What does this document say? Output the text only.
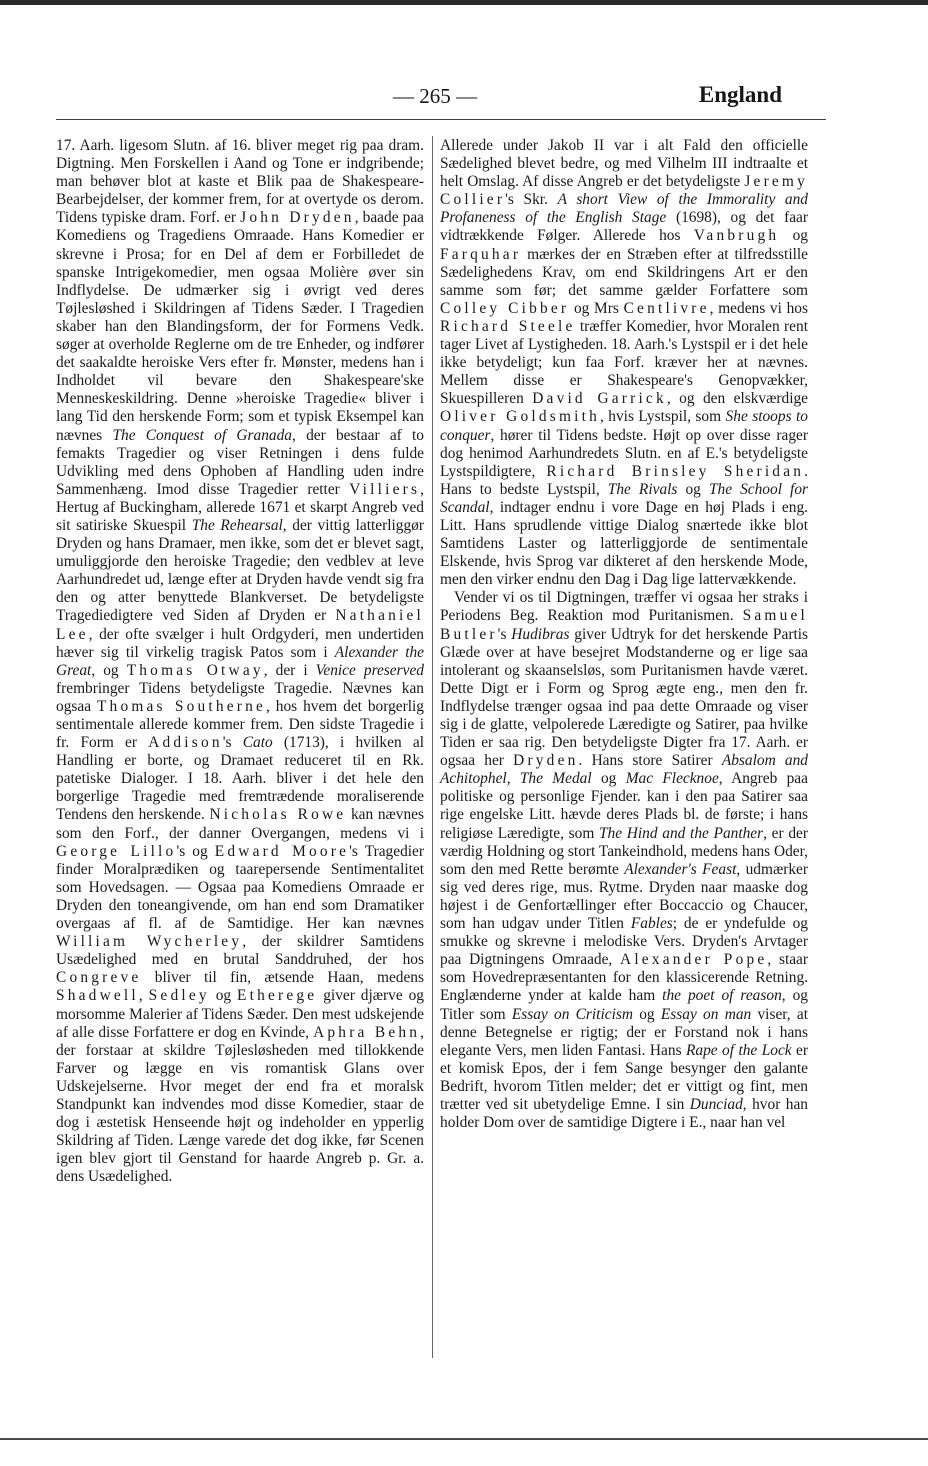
— 265 —	England

17. Aarh. ligesom Slutn. af 16. bliver meget rig paa dram. Digtning. Men Forskellen i Aand og Tone er indgribende; man behøver blot at kaste et Blik paa de Shakespeare-Bearbejdelser, der kommer frem, for at overtyde os derom. Tidens typiske dram. Forf. er John Dryden, baade paa Komediens og Tragediens Omraade. Hans Komedier er skrevne i Prosa; for en Del af dem er Forbilledet de spanske Intrigekomedier, men ogsaa Molière øver sin Indflydelse. De udmærker sig i øvrigt ved deres Tøjlesløshed i Skildringen af Tidens Sæder. I Tragedien skaber han den Blandingsform, der for Formens Vedk. søger at overholde Reglerne om de tre Enheder, og indfører det saakaldte heroiske Vers efter fr. Mønster, medens han i Indholdet vil bevare den Shakespeare'ske Menneskeskildring. Denne »heroiske Tragedie« bliver i lang Tid den herskende Form; som et typisk Eksempel kan nævnes The Conquest of Granada, der bestaar af to femakts Tragedier og viser Retningen i dens fulde Udvikling med dens Ophoben af Handling uden indre Sammenhæng. Imod disse Tragedier retter Villiers, Hertug af Buckingham, allerede 1671 et skarpt Angreb ved sit satiriske Skuespil The Rehearsal, der vittig latterliggør Dryden og hans Dramaer, men ikke, som det er blevet sagt, umuliggjorde den heroiske Tragedie; den vedblev at leve Aarhundredet ud, længe efter at Dryden havde vendt sig fra den og atter benyttede Blankverset. De betydeligste Tragediedigtere ved Siden af Dryden er Nathaniel Lee, der ofte svælger i hult Ordgyderi, men undertiden hæver sig til virkelig tragisk Patos som i Alexander the Great, og Thomas Otway, der i Venice preserved frembringer Tidens betydeligste Tragedie. Nævnes kan ogsaa Thomas Southerne, hos hvem det borgerlig sentimentale allerede kommer frem. Den sidste Tragedie i fr. Form er Addison's Cato (1713), i hvilken al Handling er borte, og Dramaet reduceret til en Rk. patetiske Dialoger. I 18. Aarh. bliver i det hele den borgerlige Tragedie med fremtrædende moraliserende Tendens den herskende. Nicholas Rowe kan nævnes som den Forf., der danner Overgangen, medens vi i George Lillo's og Edward Moore's Tragedier finder Moralprædiken og taarepersende Sentimentalitet som Hovedsagen. — Ogsaa paa Komediens Omraade er Dryden den toneangivende, om han end som Dramatiker overgaas af fl. af de Samtidige. Her kan nævnes William Wycherley, der skildrer Samtidens Usædelighed med en brutal Sanddruhed, der hos Congreve bliver til fin, ætsende Haan, medens Shadwell, Sedley og Etherege giver djærve og morsomme Malerier af Tidens Sæder. Den mest udskejende af alle disse Forfattere er dog en Kvinde, Aphra Behn, der forstaar at skildre Tøjlesløsheden med tillokkende Farver og lægge en vis romantisk Glans over Udskejelserne. Hvor meget der end fra et moralsk Standpunkt kan indvendes mod disse Komedier, staar de dog i æstetisk Henseende højt og indeholder en ypperlig Skildring af Tiden. Længe varede det dog ikke, før Scenen igen blev gjort til Genstand for haarde Angreb p. Gr. a. dens Usædelighed.

Allerede under Jakob II var i alt Fald den officielle Sædelighed blevet bedre, og med Vilhelm III indtraalte et helt Omslag. Af disse Angreb er det betydeligste Jeremy Collier's Skr. A short View of the Immorality and Profaneness of the English Stage (1698), og det faar vidtrækkende Følger. Allerede hos Vanbrugh og Farquhar mærkes der en Stræben efter at tilfredsstille Sædelighedens Krav, om end Skildringens Art er den samme som før; det samme gælder Forfattere som Colley Cibber og Mrs Centlivre, medens vi hos Richard Steele træffer Komedier, hvor Moralen rent tager Livet af Lystigheden. 18. Aarh.'s Lystspil er i det hele ikke betydeligt; kun faa Forf. kræver her at nævnes. Mellem disse er Shakespeare's Genopvækker, Skuespilleren David Garrick, og den elskværdige Oliver Goldsmith, hvis Lystspil, som She stoops to conquer, hører til Tidens bedste. Højt op over disse rager dog henimod Aarhundredets Slutn. en af E.'s betydeligste Lystspildigtere, Richard Brinsley Sheridan. Hans to bedste Lystspil, The Rivals og The School for Scandal, indtager endnu i vore Dage en høj Plads i eng. Litt. Hans sprudlende vittige Dialog snærtede ikke blot Samtidens Laster og latterliggjorde de sentimentale Elskende, hvis Sprog var dikteret af den herskende Mode, men den virker endnu den Dag i Dag lige lattervækkende.

Vender vi os til Digtningen, træffer vi ogsaa her straks i Periodens Beg. Reaktion mod Puritanismen. Samuel Butler's Hudibras giver Udtryk for det herskende Partis Glæde over at have besejret Modstanderne og er lige saa intolerant og skaanselsløs, som Puritanismen havde været. Dette Digt er i Form og Sprog ægte eng., men den fr. Indflydelse trænger ogsaa ind paa dette Omraade og viser sig i de glatte, velpolerede Læredigte og Satirer, paa hvilke Tiden er saa rig. Den betydeligste Digter fra 17. Aarh. er ogsaa her Dryden. Hans store Satirer Absalom and Achitophel, The Medal og Mac Flecknoe, Angreb paa politiske og personlige Fjender. kan i den paa Satirer saa rige engelske Litt. hævde deres Plads bl. de første; i hans religiøse Læredigte, som The Hind and the Panther, er der værdig Holdning og stort Tankeindhold, medens hans Oder, som den med Rette berømte Alexander's Feast, udmærker sig ved deres rige, mus. Rytme. Dryden naar maaske dog højest i de Genfortællinger efter Boccaccio og Chaucer, som han udgav under Titlen Fables; de er yndefulde og smukke og skrevne i melodiske Vers. Dryden's Arvtager paa Digtningens Omraade, Alexander Pope, staar som Hovedrepræsentanten for den klassicerende Retning. Englænderne ynder at kalde ham the poet of reason, og Titler som Essay on Criticism og Essay on man viser, at denne Betegnelse er rigtig; der er Forstand nok i hans elegante Vers, men liden Fantasi. Hans Rape of the Lock er et komisk Epos, der i fem Sange besynger den galante Bedrift, hvorom Titlen melder; det er vittigt og fint, men trætter ved sit ubetydelige Emne. I sin Dunciad, hvor han holder Dom over de samtidige Digtere i E., naar han vel
